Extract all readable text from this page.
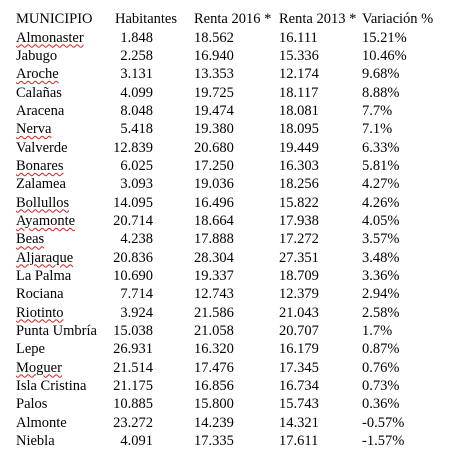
MUNICIPIO	Habitantes	Renta 2016 *	Renta 2013 *	Variación %
Almonaster	1.848	18.562	16.111	15.21%
Jabugo	2.258	16.940	15.336	10.46%
Aroche	3.131	13.353	12.174	9.68%
Calañas	4.099	19.725	18.117	8.88%
Aracena	8.048	19.474	18.081	7.7%
Nerva	5.418	19.380	18.095	7.1%
Valverde	12.839	20.680	19.449	6.33%
Bonares	6.025	17.250	16.303	5.81%
Zalamea	3.093	19.036	18.256	4.27%
Bollullos	14.095	16.496	15.822	4.26%
Ayamonte	20.714	18.664	17.938	4.05%
Beas	4.238	17.888	17.272	3.57%
Aljaraque	20.836	28.304	27.351	3.48%
La Palma	10.690	19.337	18.709	3.36%
Rociana	7.714	12.743	12.379	2.94%
Riotinto	3.924	21.586	21.043	2.58%
Punta Umbría	15.038	21.058	20.707	1.7%
Lepe	26.931	16.320	16.179	0.87%
Moguer	21.514	17.476	17.345	0.76%
Isla Cristina	21.175	16.856	16.734	0.73%
Palos	10.885	15.800	15.743	0.36%
Almonte	23.272	14.239	14.321	-0.57%
Niebla	4.091	17.335	17.611	-1.57%
